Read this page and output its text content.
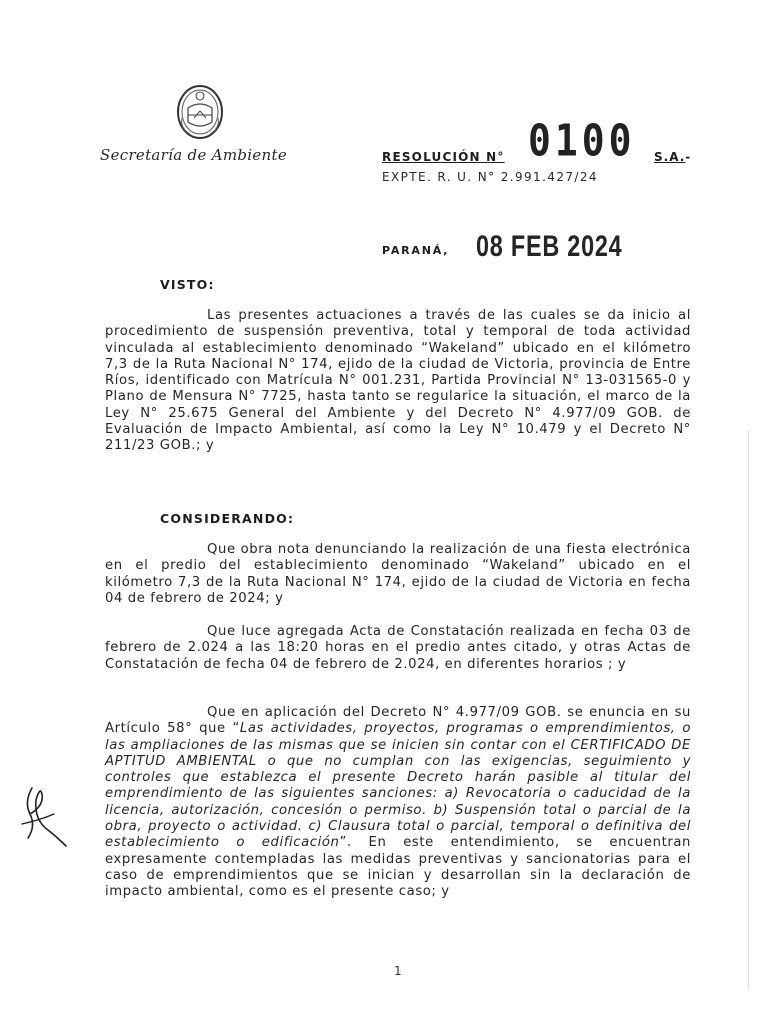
Secretaría de Ambiente	RESOLUCIÓN N° 0100 S.A.-
EXPTE. R. U. N° 2.991.427/24
PARANÁ, 08 FEB 2024
VISTO:

Las presentes actuaciones a través de las cuales se da inicio al procedimiento de suspensión preventiva, total y temporal de toda actividad vinculada al establecimiento denominado “Wakeland” ubicado en el kilómetro 7,3 de la Ruta Nacional N° 174, ejido de la ciudad de Victoria, provincia de Entre Ríos, identificado con Matrícula N° 001.231, Partida Provincial N° 13-031565-0 y Plano de Mensura N° 7725, hasta tanto se regularice la situación, el marco de la Ley N° 25.675 General del Ambiente y del Decreto N° 4.977/09 GOB. de Evaluación de Impacto Ambiental, así como la Ley N° 10.479 y el Decreto N° 211/23 GOB.; y

CONSIDERANDO:

Que obra nota denunciando la realización de una fiesta electrónica en el predio del establecimiento denominado “Wakeland” ubicado en el kilómetro 7,3 de la Ruta Nacional N° 174, ejido de la ciudad de Victoria en fecha 04 de febrero de 2024; y

Que luce agregada Acta de Constatación realizada en fecha 03 de febrero de 2.024 a las 18:20 horas en el predio antes citado, y otras Actas de Constatación de fecha 04 de febrero de 2.024, en diferentes horarios ; y

Que en aplicación del Decreto N° 4.977/09 GOB. se enuncia en su Artículo 58° que “Las actividades, proyectos, programas o emprendimientos, o las ampliaciones de las mismas que se inicien sin contar con el CERTIFICADO DE APTITUD AMBIENTAL o que no cumplan con las exigencias, seguimiento y controles que establezca el presente Decreto harán pasible al titular del emprendimiento de las siguientes sanciones: a) Revocatoria o caducidad de la licencia, autorización, concesión o permiso. b) Suspensión total o parcial de la obra, proyecto o actividad. c) Clausura total o parcial, temporal o definitiva del establecimiento o edificación”. En este entendimiento, se encuentran expresamente contempladas las medidas preventivas y sancionatorias para el caso de emprendimientos que se inician y desarrollan sin la declaración de impacto ambiental, como es el presente caso; y

1
